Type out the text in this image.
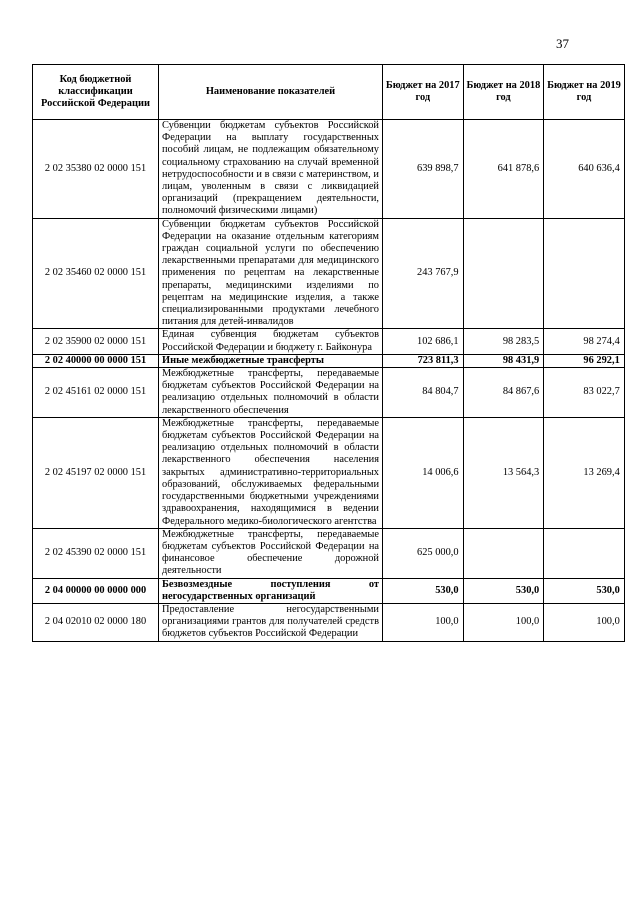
37
Код бюджетной классификации Российской Федерации	Наименование показателей	Бюджет на 2017 год	Бюджет на 2018 год	Бюджет на 2019 год
2 02 35380 02 0000 151	Субвенции бюджетам субъектов Российской Федерации на выплату государственных пособий лицам, не подлежащим обязательному социальному страхованию на случай временной нетрудоспособности и в связи с материнством, и лицам, уволенным в связи с ликвидацией организаций (прекращением деятельности, полномочий физическими лицами)	639 898,7	641 878,6	640 636,4
2 02 35460 02 0000 151	Субвенции бюджетам субъектов Российской Федерации на оказание отдельным категориям граждан социальной услуги по обеспечению лекарственными препаратами для медицинского применения по рецептам на лекарственные препараты, медицинскими изделиями по рецептам на медицинские изделия, а также специализированными продуктами лечебного питания для детей-инвалидов	243 767,9		
2 02 35900 02 0000 151	Единая субвенция бюджетам субъектов Российской Федерации и бюджету г. Байконура	102 686,1	98 283,5	98 274,4
2 02 40000 00 0000 151	Иные межбюджетные трансферты	723 811,3	98 431,9	96 292,1
2 02 45161 02 0000 151	Межбюджетные трансферты, передаваемые бюджетам субъектов Российской Федерации на реализацию отдельных полномочий в области лекарственного обеспечения	84 804,7	84 867,6	83 022,7
2 02 45197 02 0000 151	Межбюджетные трансферты, передаваемые бюджетам субъектов Российской Федерации на реализацию отдельных полномочий в области лекарственного обеспечения населения закрытых административно-территориальных образований, обслуживаемых федеральными государственными бюджетными учреждениями здравоохранения, находящимися в ведении Федерального медико-биологического агентства	14 006,6	13 564,3	13 269,4
2 02 45390 02 0000 151	Межбюджетные трансферты, передаваемые бюджетам субъектов Российской Федерации на финансовое обеспечение дорожной деятельности	625 000,0		
2 04 00000 00 0000 000	Безвозмездные поступления от негосударственных организаций	530,0	530,0	530,0
2 04 02010 02 0000 180	Предоставление негосударственными организациями грантов для получателей средств бюджетов субъектов Российской Федерации	100,0	100,0	100,0
